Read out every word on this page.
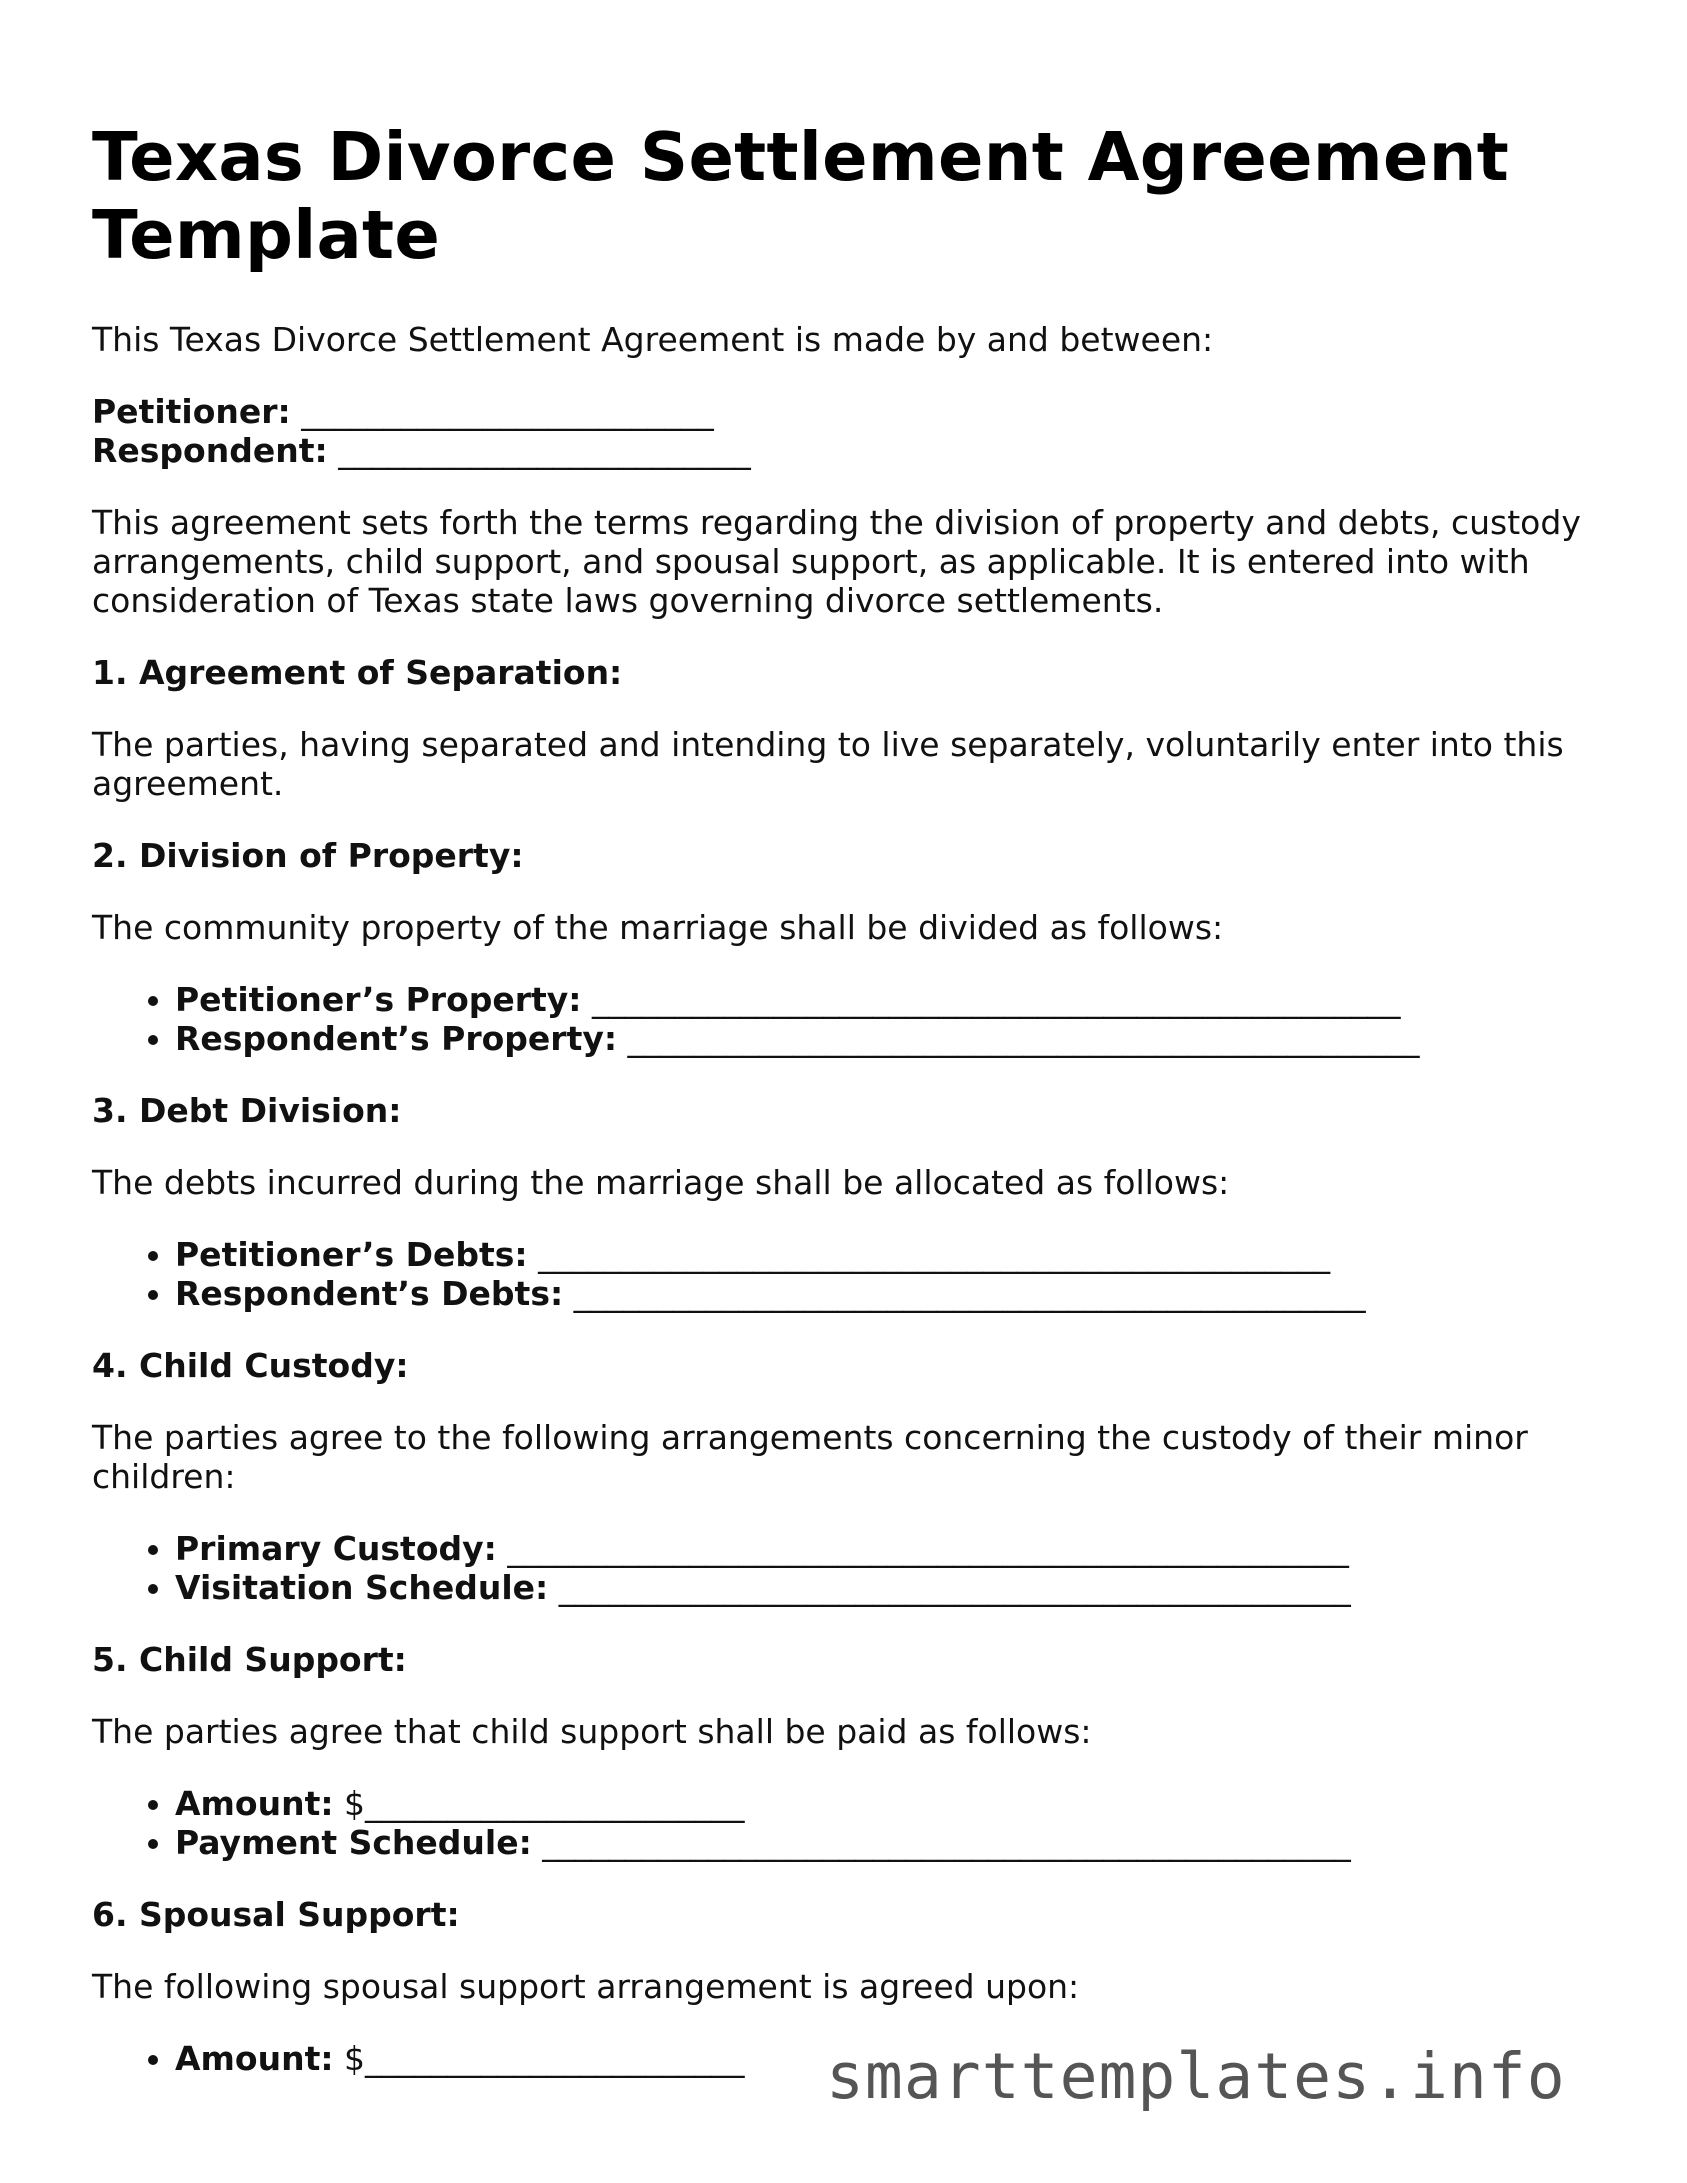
Texas Divorce Settlement Agreement Template

This Texas Divorce Settlement Agreement is made by and between:

Petitioner: _________________________
Respondent: _________________________

This agreement sets forth the terms regarding the division of property and debts, custody arrangements, child support, and spousal support, as applicable. It is entered into with consideration of Texas state laws governing divorce settlements.

1. Agreement of Separation:

The parties, having separated and intending to live separately, voluntarily enter into this agreement.

2. Division of Property:

The community property of the marriage shall be divided as follows:

• Petitioner’s Property: _________________________________________________
• Respondent’s Property: ________________________________________________
3. Debt Division:

The debts incurred during the marriage shall be allocated as follows:

• Petitioner’s Debts: ________________________________________________
• Respondent’s Debts: ________________________________________________
4. Child Custody:

The parties agree to the following arrangements concerning the custody of their minor children:

• Primary Custody: ___________________________________________________
• Visitation Schedule: ________________________________________________
5. Child Support:

The parties agree that child support shall be paid as follows:

• Amount: $_______________________
• Payment Schedule: _________________________________________________
6. Spousal Support:

The following spousal support arrangement is agreed upon:

• Amount: $_______________________	smarttemplates.info
